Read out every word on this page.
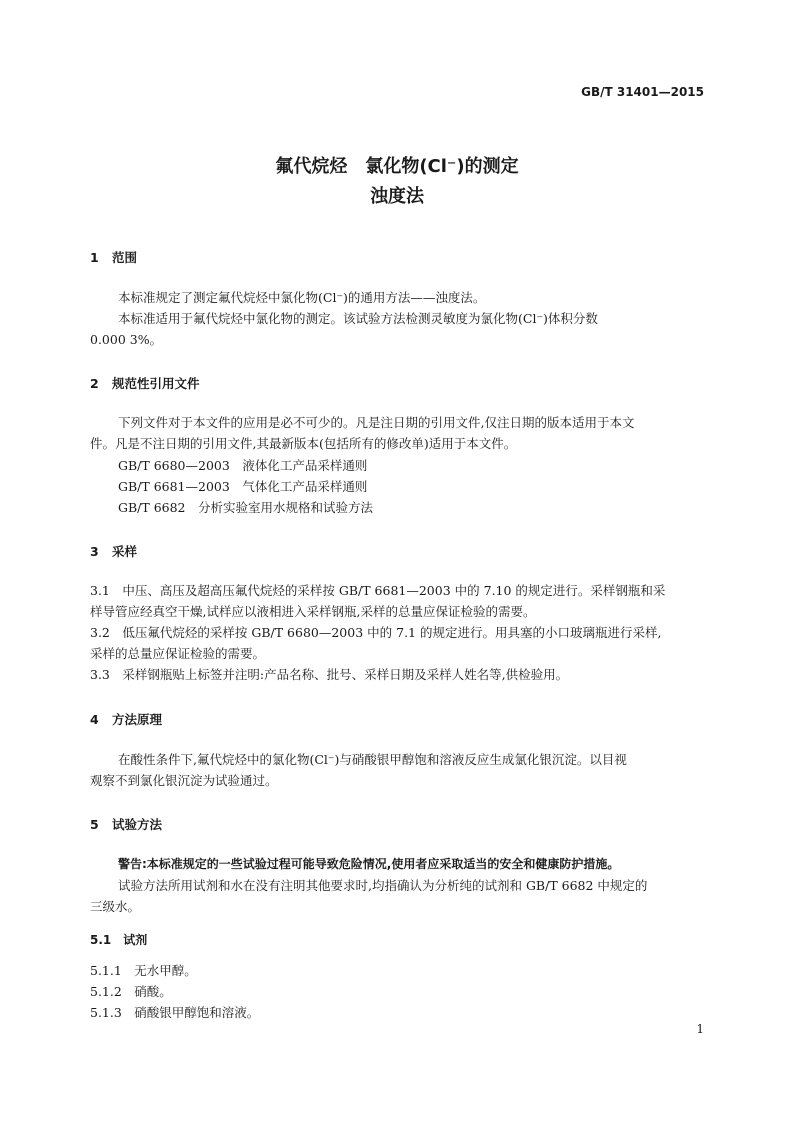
GB/T 31401—2015
氟代烷烃　氯化物(Cl⁻)的测定
浊度法
1 范围
本标准规定了测定氟代烷烃中氯化物(Cl⁻)的通用方法——浊度法。
本标准适用于氟代烷烃中氯化物的测定。该试验方法检测灵敏度为氯化物(Cl⁻)体积分数
0.000 3%。
2 规范性引用文件
下列文件对于本文件的应用是必不可少的。凡是注日期的引用文件,仅注日期的版本适用于本文
件。凡是不注日期的引用文件,其最新版本(包括所有的修改单)适用于本文件。
GB/T 6680—2003　液体化工产品采样通则
GB/T 6681—2003　气体化工产品采样通则
GB/T 6682　分析实验室用水规格和试验方法
3 采样
3.1　中压、高压及超高压氟代烷烃的采样按 GB/T 6681—2003 中的 7.10 的规定进行。采样钢瓶和采
样导管应经真空干燥,试样应以液相进入采样钢瓶,采样的总量应保证检验的需要。
3.2　低压氟代烷烃的采样按 GB/T 6680—2003 中的 7.1 的规定进行。用具塞的小口玻璃瓶进行采样,
采样的总量应保证检验的需要。
3.3　采样钢瓶贴上标签并注明:产品名称、批号、采样日期及采样人姓名等,供检验用。
4 方法原理
在酸性条件下,氟代烷烃中的氯化物(Cl⁻)与硝酸银甲醇饱和溶液反应生成氯化银沉淀。以目视
观察不到氯化银沉淀为试验通过。
5 试验方法
警告:本标准规定的一些试验过程可能导致危险情况,使用者应采取适当的安全和健康防护措施。
试验方法所用试剂和水在没有注明其他要求时,均指确认为分析纯的试剂和 GB/T 6682 中规定的
三级水。
5.1　试剂
5.1.1　无水甲醇。
5.1.2　硝酸。
5.1.3　硝酸银甲醇饱和溶液。
1
